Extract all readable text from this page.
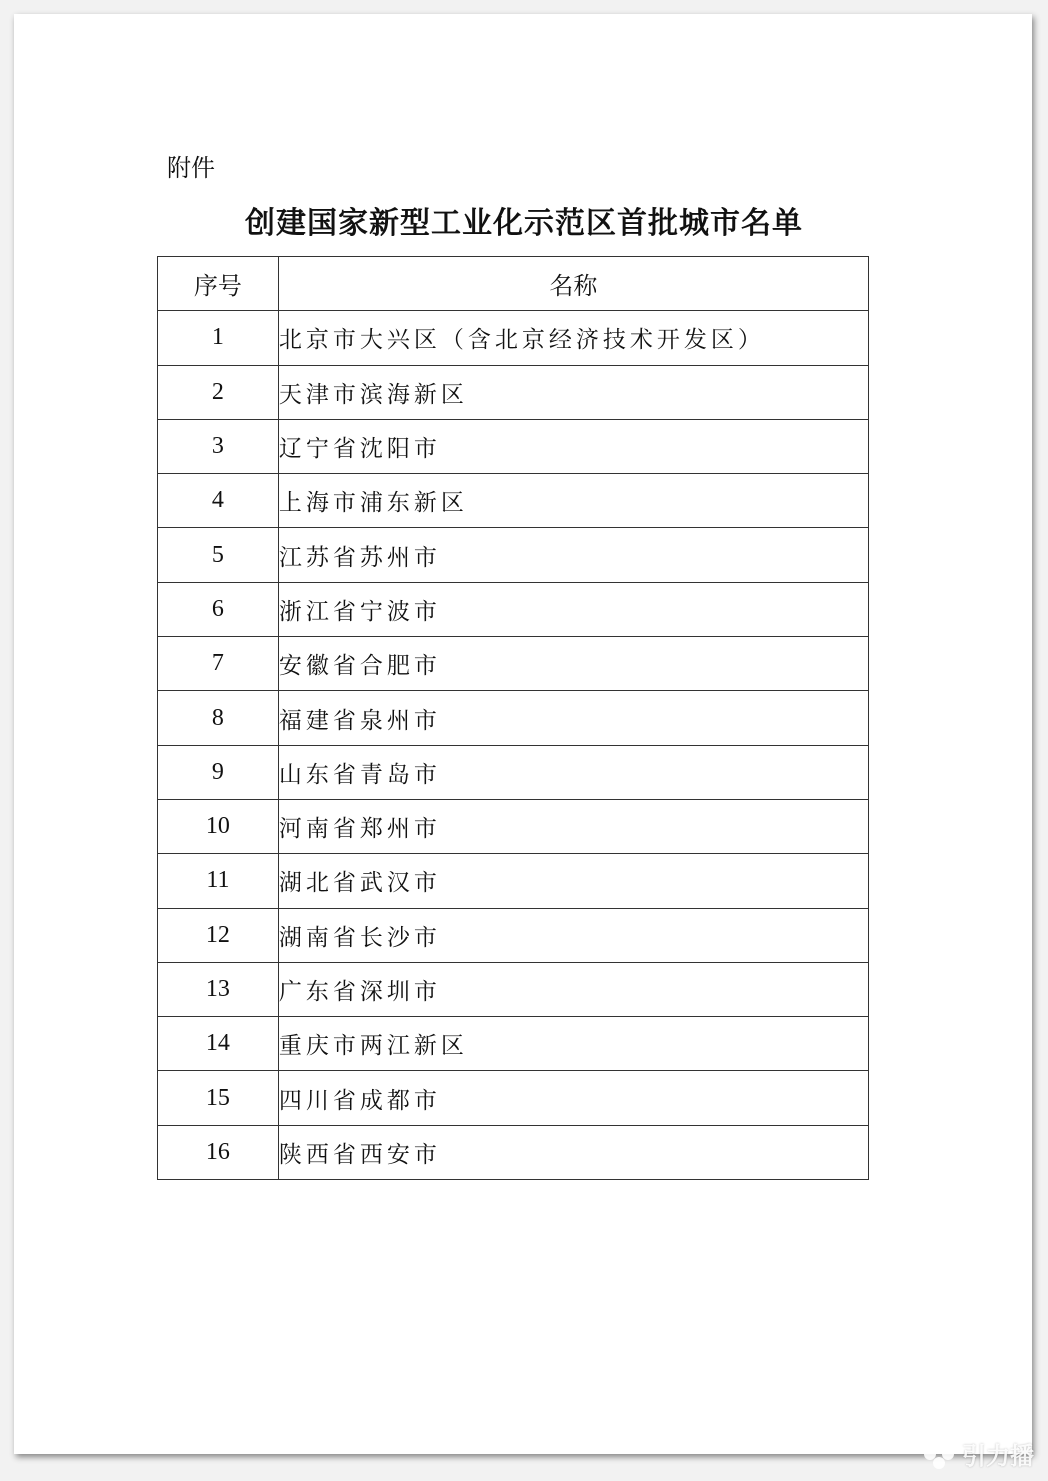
附件
创建国家新型工业化示范区首批城市名单
序号	名称
1	北京市大兴区（含北京经济技术开发区）
2	天津市滨海新区
3	辽宁省沈阳市
4	上海市浦东新区
5	江苏省苏州市
6	浙江省宁波市
7	安徽省合肥市
8	福建省泉州市
9	山东省青岛市
10	河南省郑州市
11	湖北省武汉市
12	湖南省长沙市
13	广东省深圳市
14	重庆市两江新区
15	四川省成都市
16	陕西省西安市
引力播
